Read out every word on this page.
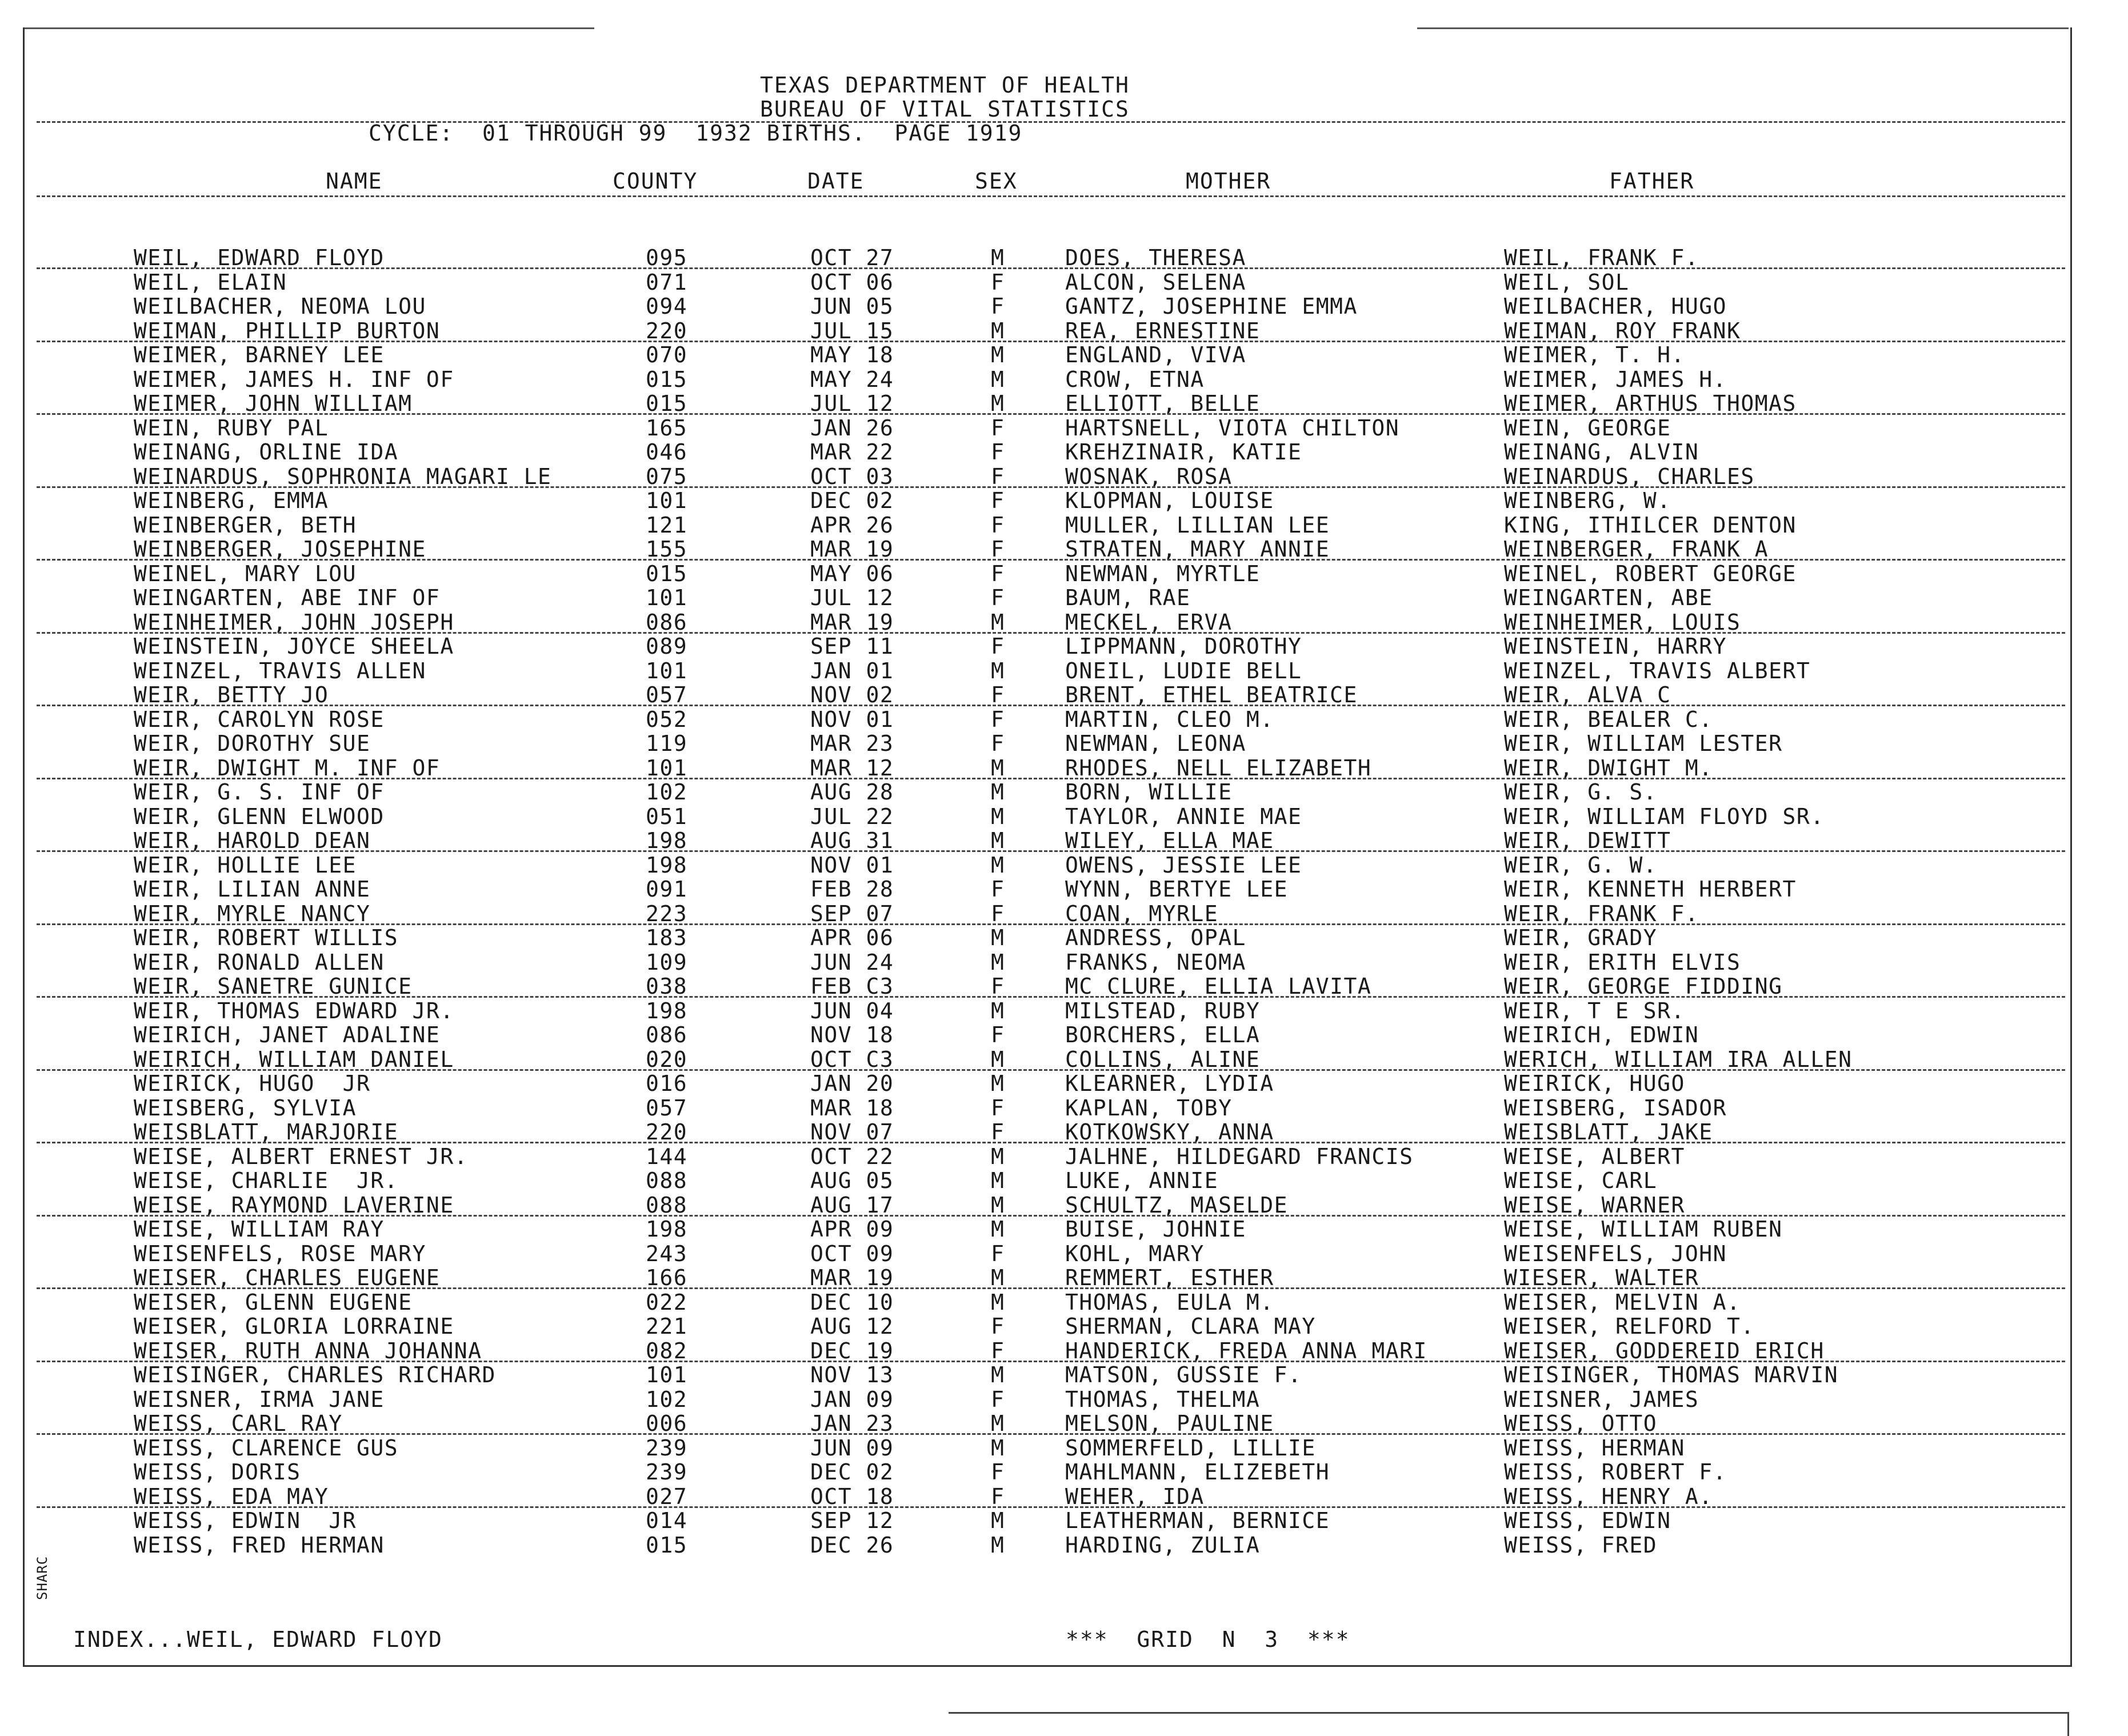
TEXAS DEPARTMENT OF HEALTH
BUREAU OF VITAL STATISTICS
CYCLE:  01 THROUGH 99  1932 BIRTHS.  PAGE 1919
NAME	COUNTY	DATE	SEX	MOTHER	FATHER
WEIL, EDWARD FLOYD	095	OCT 27	M	DOES, THERESA	WEIL, FRANK F.
WEIL, ELAIN	071	OCT 06	F	ALCON, SELENA	WEIL, SOL
WEILBACHER, NEOMA LOU	094	JUN 05	F	GANTZ, JOSEPHINE EMMA	WEILBACHER, HUGO
WEIMAN, PHILLIP BURTON	220	JUL 15	M	REA, ERNESTINE	WEIMAN, ROY FRANK
WEIMER, BARNEY LEE	070	MAY 18	M	ENGLAND, VIVA	WEIMER, T. H.
WEIMER, JAMES H. INF OF	015	MAY 24	M	CROW, ETNA	WEIMER, JAMES H.
WEIMER, JOHN WILLIAM	015	JUL 12	M	ELLIOTT, BELLE	WEIMER, ARTHUS THOMAS
WEIN, RUBY PAL	165	JAN 26	F	HARTSNELL, VIOTA CHILTON	WEIN, GEORGE
WEINANG, ORLINE IDA	046	MAR 22	F	KREHZINAIR, KATIE	WEINANG, ALVIN
WEINARDUS, SOPHRONIA MAGARI LE	075	OCT 03	F	WOSNAK, ROSA	WEINARDUS, CHARLES
WEINBERG, EMMA	101	DEC 02	F	KLOPMAN, LOUISE	WEINBERG, W.
WEINBERGER, BETH	121	APR 26	F	MULLER, LILLIAN LEE	KING, ITHILCER DENTON
WEINBERGER, JOSEPHINE	155	MAR 19	F	STRATEN, MARY ANNIE	WEINBERGER, FRANK A
WEINEL, MARY LOU	015	MAY 06	F	NEWMAN, MYRTLE	WEINEL, ROBERT GEORGE
WEINGARTEN, ABE INF OF	101	JUL 12	F	BAUM, RAE	WEINGARTEN, ABE
WEINHEIMER, JOHN JOSEPH	086	MAR 19	M	MECKEL, ERVA	WEINHEIMER, LOUIS
WEINSTEIN, JOYCE SHEELA	089	SEP 11	F	LIPPMANN, DOROTHY	WEINSTEIN, HARRY
WEINZEL, TRAVIS ALLEN	101	JAN 01	M	ONEIL, LUDIE BELL	WEINZEL, TRAVIS ALBERT
WEIR, BETTY JO	057	NOV 02	F	BRENT, ETHEL BEATRICE	WEIR, ALVA C
WEIR, CAROLYN ROSE	052	NOV 01	F	MARTIN, CLEO M.	WEIR, BEALER C.
WEIR, DOROTHY SUE	119	MAR 23	F	NEWMAN, LEONA	WEIR, WILLIAM LESTER
WEIR, DWIGHT M. INF OF	101	MAR 12	M	RHODES, NELL ELIZABETH	WEIR, DWIGHT M.
WEIR, G. S. INF OF	102	AUG 28	M	BORN, WILLIE	WEIR, G. S.
WEIR, GLENN ELWOOD	051	JUL 22	M	TAYLOR, ANNIE MAE	WEIR, WILLIAM FLOYD SR.
WEIR, HAROLD DEAN	198	AUG 31	M	WILEY, ELLA MAE	WEIR, DEWITT
WEIR, HOLLIE LEE	198	NOV 01	M	OWENS, JESSIE LEE	WEIR, G. W.
WEIR, LILIAN ANNE	091	FEB 28	F	WYNN, BERTYE LEE	WEIR, KENNETH HERBERT
WEIR, MYRLE NANCY	223	SEP 07	F	COAN, MYRLE	WEIR, FRANK F.
WEIR, ROBERT WILLIS	183	APR 06	M	ANDRESS, OPAL	WEIR, GRADY
WEIR, RONALD ALLEN	109	JUN 24	M	FRANKS, NEOMA	WEIR, ERITH ELVIS
WEIR, SANETRE GUNICE	038	FEB C3	F	MC CLURE, ELLIA LAVITA	WEIR, GEORGE FIDDING
WEIR, THOMAS EDWARD JR.	198	JUN 04	M	MILSTEAD, RUBY	WEIR, T E SR.
WEIRICH, JANET ADALINE	086	NOV 18	F	BORCHERS, ELLA	WEIRICH, EDWIN
WEIRICH, WILLIAM DANIEL	020	OCT C3	M	COLLINS, ALINE	WERICH, WILLIAM IRA ALLEN
WEIRICK, HUGO  JR	016	JAN 20	M	KLEARNER, LYDIA	WEIRICK, HUGO
WEISBERG, SYLVIA	057	MAR 18	F	KAPLAN, TOBY	WEISBERG, ISADOR
WEISBLATT, MARJORIE	220	NOV 07	F	KOTKOWSKY, ANNA	WEISBLATT, JAKE
WEISE, ALBERT ERNEST JR.	144	OCT 22	M	JALHNE, HILDEGARD FRANCIS	WEISE, ALBERT
WEISE, CHARLIE  JR.	088	AUG 05	M	LUKE, ANNIE	WEISE, CARL
WEISE, RAYMOND LAVERINE	088	AUG 17	M	SCHULTZ, MASELDE	WEISE, WARNER
WEISE, WILLIAM RAY	198	APR 09	M	BUISE, JOHNIE	WEISE, WILLIAM RUBEN
WEISENFELS, ROSE MARY	243	OCT 09	F	KOHL, MARY	WEISENFELS, JOHN
WEISER, CHARLES EUGENE	166	MAR 19	M	REMMERT, ESTHER	WIESER, WALTER
WEISER, GLENN EUGENE	022	DEC 10	M	THOMAS, EULA M.	WEISER, MELVIN A.
WEISER, GLORIA LORRAINE	221	AUG 12	F	SHERMAN, CLARA MAY	WEISER, RELFORD T.
WEISER, RUTH ANNA JOHANNA	082	DEC 19	F	HANDERICK, FREDA ANNA MARI	WEISER, GODDEREID ERICH
WEISINGER, CHARLES RICHARD	101	NOV 13	M	MATSON, GUSSIE F.	WEISINGER, THOMAS MARVIN
WEISNER, IRMA JANE	102	JAN 09	F	THOMAS, THELMA	WEISNER, JAMES
WEISS, CARL RAY	006	JAN 23	M	MELSON, PAULINE	WEISS, OTTO
WEISS, CLARENCE GUS	239	JUN 09	M	SOMMERFELD, LILLIE	WEISS, HERMAN
WEISS, DORIS	239	DEC 02	F	MAHLMANN, ELIZEBETH	WEISS, ROBERT F.
WEISS, EDA MAY	027	OCT 18	F	WEHER, IDA	WEISS, HENRY A.
WEISS, EDWIN  JR	014	SEP 12	M	LEATHERMAN, BERNICE	WEISS, EDWIN
WEISS, FRED HERMAN	015	DEC 26	M	HARDING, ZULIA	WEISS, FRED
INDEX...WEIL, EDWARD FLOYD	***  GRID  N  3  ***
SHARC
